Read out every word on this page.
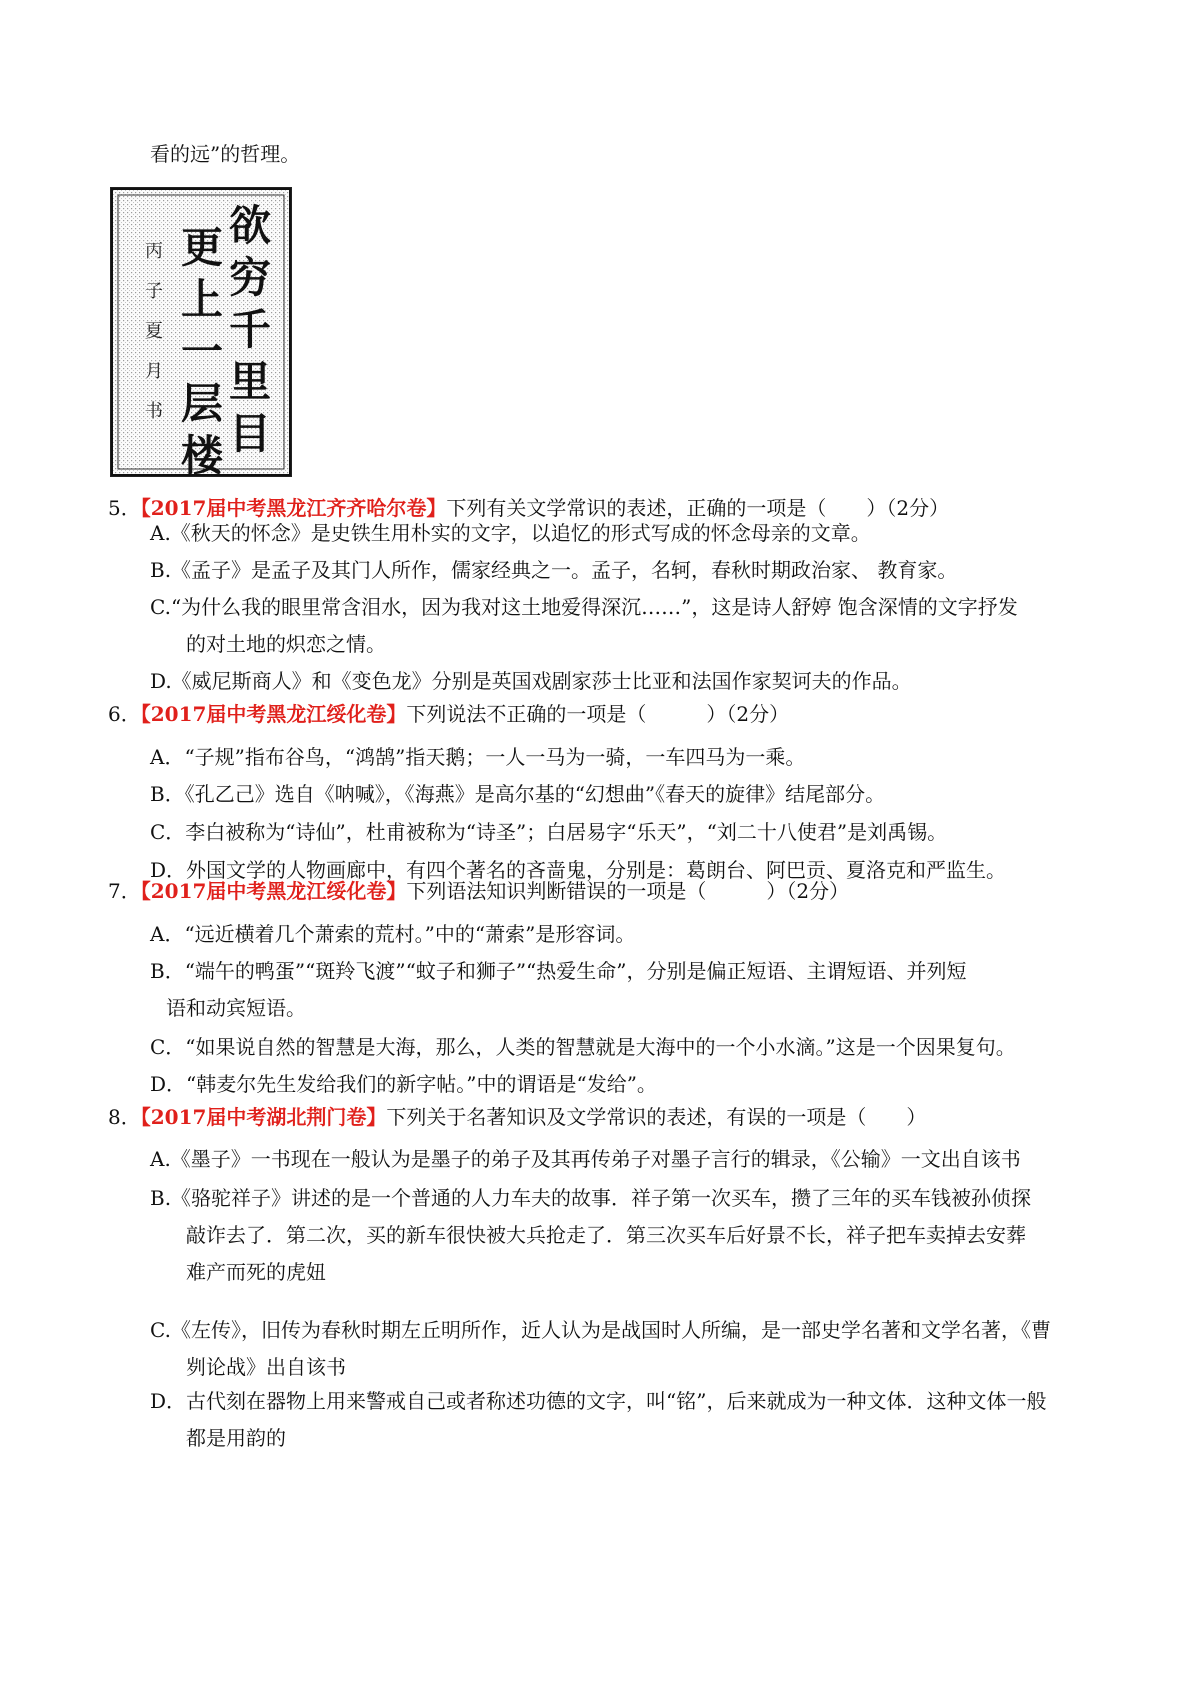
看的远”的哲理。
欲穷千里目
更上一层楼
丙子夏月书
5．【2017届中考黑龙江齐齐哈尔卷】下列有关文学常识的表述，正确的一项是（　　）（2分）
A.《秋天的怀念》是史铁生用朴实的文字，以追忆的形式写成的怀念母亲的文章。
B.《孟子》是孟子及其门人所作，儒家经典之一。孟子，名轲，春秋时期政治家、 教育家。
C.“为什么我的眼里常含泪水，因为我对这土地爱得深沉……”，这是诗人舒婷 饱含深情的文字抒发
的对土地的炽恋之情。
D.《威尼斯商人》和《变色龙》分别是英国戏剧家莎士比亚和法国作家契诃夫的作品。
6．【2017届中考黑龙江绥化卷】下列说法不正确的一项是（　　　）（2分）
A．“子规”指布谷鸟，“鸿鹄”指天鹅；一人一马为一骑，一车四马为一乘。
B．《孔乙己》选自《呐喊》，《海燕》是高尔基的“幻想曲”《春天的旋律》结尾部分。
C．李白被称为“诗仙”，杜甫被称为“诗圣”；白居易字“乐天”，“刘二十八使君”是刘禹锡。
D．外国文学的人物画廊中，有四个著名的吝啬鬼，分别是：葛朗台、阿巴贡、夏洛克和严监生。
7．【2017届中考黑龙江绥化卷】下列语法知识判断错误的一项是（　　　）（2分）
A．“远近横着几个萧索的荒村。”中的“萧索”是形容词。
B．“端午的鸭蛋”“斑羚飞渡”“蚊子和狮子”“热爱生命”，分别是偏正短语、主谓短语、并列短
语和动宾短语。
C．“如果说自然的智慧是大海，那么，人类的智慧就是大海中的一个小水滴。”这是一个因果复句。
D．“韩麦尔先生发给我们的新字帖。”中的谓语是“发给”。
8．【2017届中考湖北荆门卷】下列关于名著知识及文学常识的表述，有误的一项是（　　）
A.《墨子》一书现在一般认为是墨子的弟子及其再传弟子对墨子言行的辑录，《公输》一文出自该书
B.《骆驼祥子》讲述的是一个普通的人力车夫的故事．祥子第一次买车，攒了三年的买车钱被孙侦探
敲诈去了．第二次，买的新车很快被大兵抢走了．第三次买车后好景不长，祥子把车卖掉去安葬
难产而死的虎妞
C.《左传》，旧传为春秋时期左丘明所作，近人认为是战国时人所编，是一部史学名著和文学名著，《曹
刿论战》出自该书
D．古代刻在器物上用来警戒自己或者称述功德的文字，叫“铭”，后来就成为一种文体．这种文体一般
都是用韵的
